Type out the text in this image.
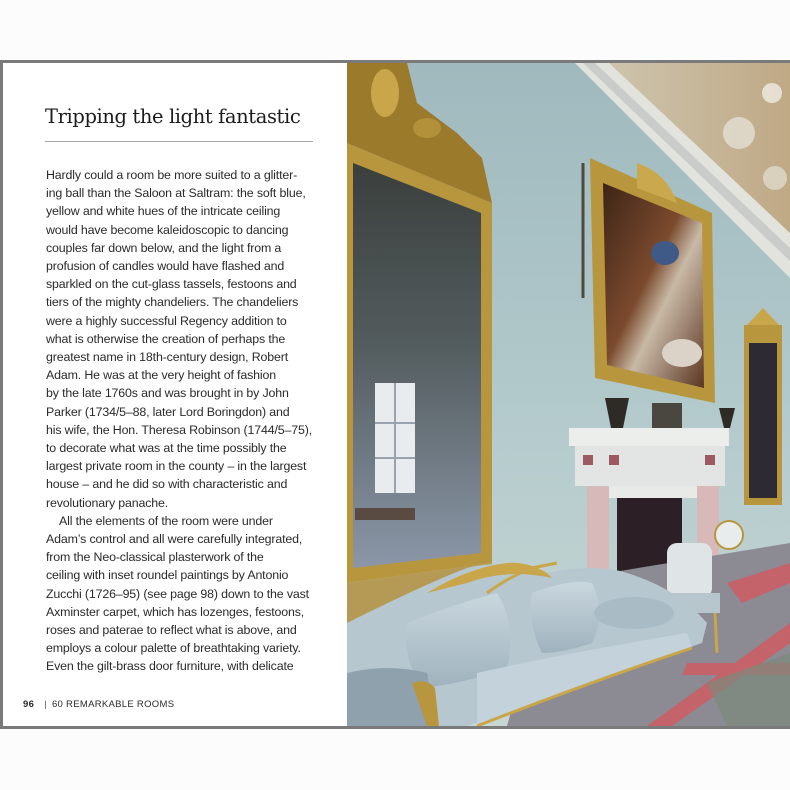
Tripping the light fantastic
Hardly could a room be more suited to a glitter-
ing ball than the Saloon at Saltram: the soft blue,
yellow and white hues of the intricate ceiling
would have become kaleidoscopic to dancing
couples far down below, and the light from a
profusion of candles would have flashed and
sparkled on the cut-glass tassels, festoons and
tiers of the mighty chandeliers. The chandeliers
were a highly successful Regency addition to
what is otherwise the creation of perhaps the
greatest name in 18th-century design, Robert
Adam. He was at the very height of fashion
by the late 1760s and was brought in by John
Parker (1734/5–88, later Lord Boringdon) and
his wife, the Hon. Theresa Robinson (1744/5–75),
to decorate what was at the time possibly the
largest private room in the county – in the largest
house – and he did so with characteristic and
revolutionary panache.
All the elements of the room were under
Adam’s control and all were carefully integrated,
from the Neo-classical plasterwork of the
ceiling with inset roundel paintings by Antonio
Zucchi (1726–95) (see page 98) down to the vast
Axminster carpet, which has lozenges, festoons,
roses and paterae to reflect what is above, and
employs a colour palette of breathtaking variety.
Even the gilt-brass door furniture, with delicate
96 | 60 REMARKABLE ROOMS
